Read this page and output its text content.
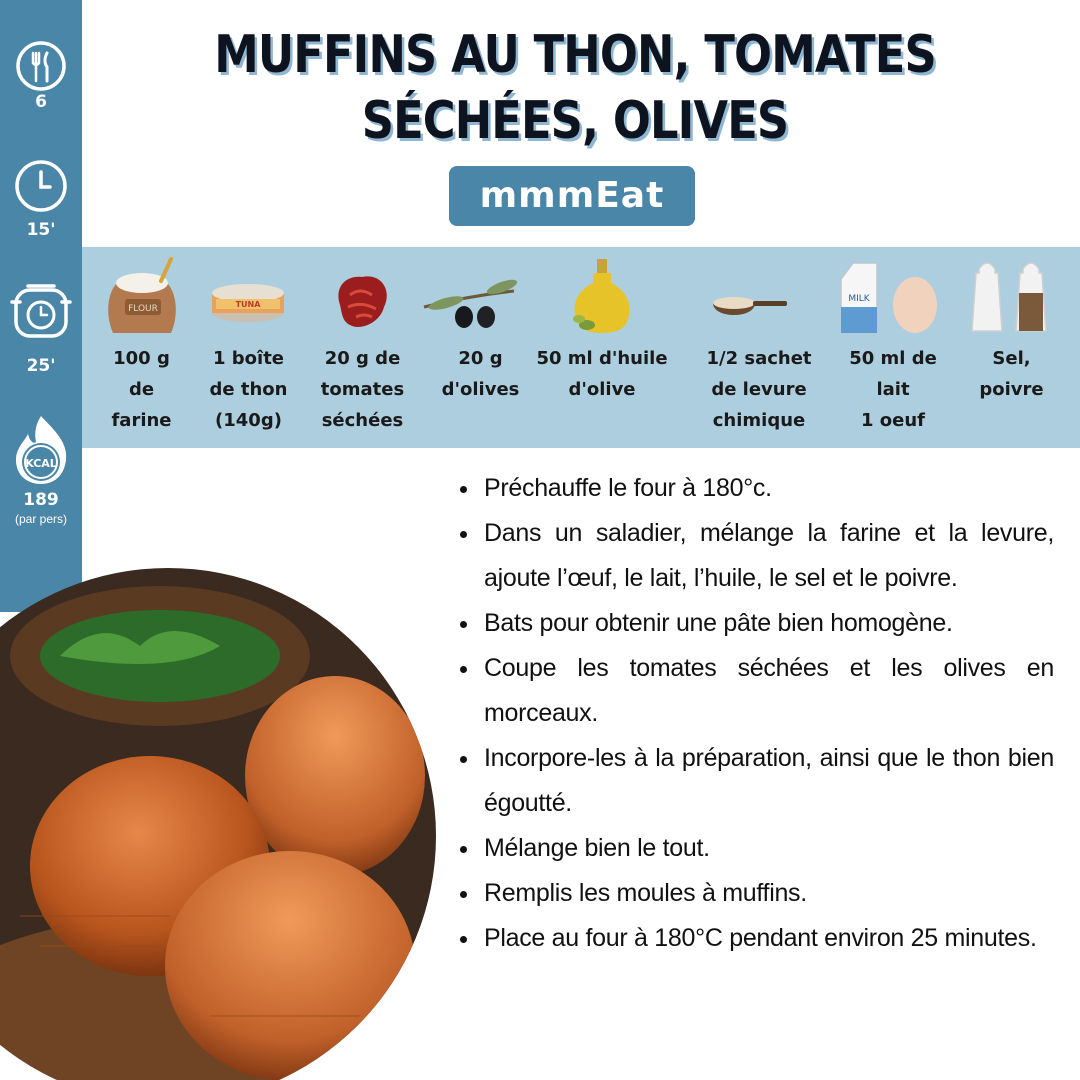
6
15'
25'
KCAL
189
(par pers)
MUFFINS AU THON, TOMATES SÉCHÉES, OLIVES
mmmEat
FLOUR
100 g
de
farine
TUNA
1 boîte
de thon
(140g)
20 g de
tomates
séchées
20 g
d'olives
50 ml d'huile
d'olive
1/2 sachet
de levure
chimique
MILK
50 ml de
lait
1 oeuf
Sel,
poivre
Préchauffe le four à 180°c.
Dans un saladier, mélange la farine et la levure, ajoute l’œuf, le lait, l’huile, le sel et le poivre.
Bats pour obtenir une pâte bien homogène.
Coupe les tomates séchées et les olives en morceaux.
Incorpore-les à la préparation, ainsi que le thon bien égoutté.
Mélange bien le tout.
Remplis les moules à muffins.
Place au four à 180°C pendant environ 25 minutes.
